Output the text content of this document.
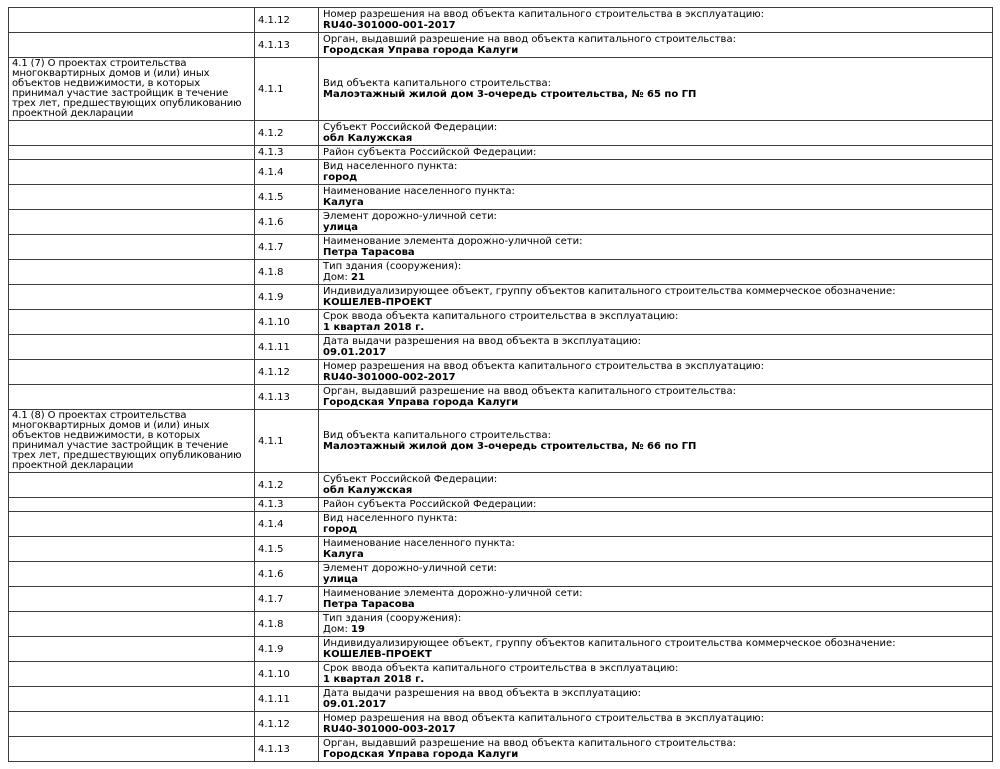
	4.1.12	Номер разрешения на ввод объекта капитального строительства в эксплуатацию:
RU40-301000-001-2017

	4.1.13	Орган, выдавший разрешение на ввод объекта капитального строительства:
Городская Управа города Калуги

4.1 (7) О проектах строительства многоквартирных домов и (или) иных объектов недвижимости, в которых принимал участие застройщик в течение трех лет, предшествующих опубликованию проектной декларации	4.1.1	Вид объекта капитального строительства:
Малоэтажный жилой дом 3-очередь строительства, № 65 по ГП

	4.1.2	Субъект Российской Федерации:
обл Калужская

	4.1.3	Район субъекта Российской Федерации:

	4.1.4	Вид населенного пункта:
город

	4.1.5	Наименование населенного пункта:
Калуга

	4.1.6	Элемент дорожно-уличной сети:
улица

	4.1.7	Наименование элемента дорожно-уличной сети:
Петра Тарасова

	4.1.8	Тип здания (сооружения):
Дом: 21

	4.1.9	Индивидуализирующее объект, группу объектов капитального строительства коммерческое обозначение:
КОШЕЛЕВ-ПРОЕКТ

	4.1.10	Срок ввода объекта капитального строительства в эксплуатацию:
1 квартал 2018 г.

	4.1.11	Дата выдачи разрешения на ввод объекта в эксплуатацию:
09.01.2017

	4.1.12	Номер разрешения на ввод объекта капитального строительства в эксплуатацию:
RU40-301000-002-2017

	4.1.13	Орган, выдавший разрешение на ввод объекта капитального строительства:
Городская Управа города Калуги

4.1 (8) О проектах строительства многоквартирных домов и (или) иных объектов недвижимости, в которых принимал участие застройщик в течение трех лет, предшествующих опубликованию проектной декларации	4.1.1	Вид объекта капитального строительства:
Малоэтажный жилой дом 3-очередь строительства, № 66 по ГП

	4.1.2	Субъект Российской Федерации:
обл Калужская

	4.1.3	Район субъекта Российской Федерации:

	4.1.4	Вид населенного пункта:
город

	4.1.5	Наименование населенного пункта:
Калуга

	4.1.6	Элемент дорожно-уличной сети:
улица

	4.1.7	Наименование элемента дорожно-уличной сети:
Петра Тарасова

	4.1.8	Тип здания (сооружения):
Дом: 19

	4.1.9	Индивидуализирующее объект, группу объектов капитального строительства коммерческое обозначение:
КОШЕЛЕВ-ПРОЕКТ

	4.1.10	Срок ввода объекта капитального строительства в эксплуатацию:
1 квартал 2018 г.

	4.1.11	Дата выдачи разрешения на ввод объекта в эксплуатацию:
09.01.2017

	4.1.12	Номер разрешения на ввод объекта капитального строительства в эксплуатацию:
RU40-301000-003-2017

	4.1.13	Орган, выдавший разрешение на ввод объекта капитального строительства:
Городская Управа города Калуги
